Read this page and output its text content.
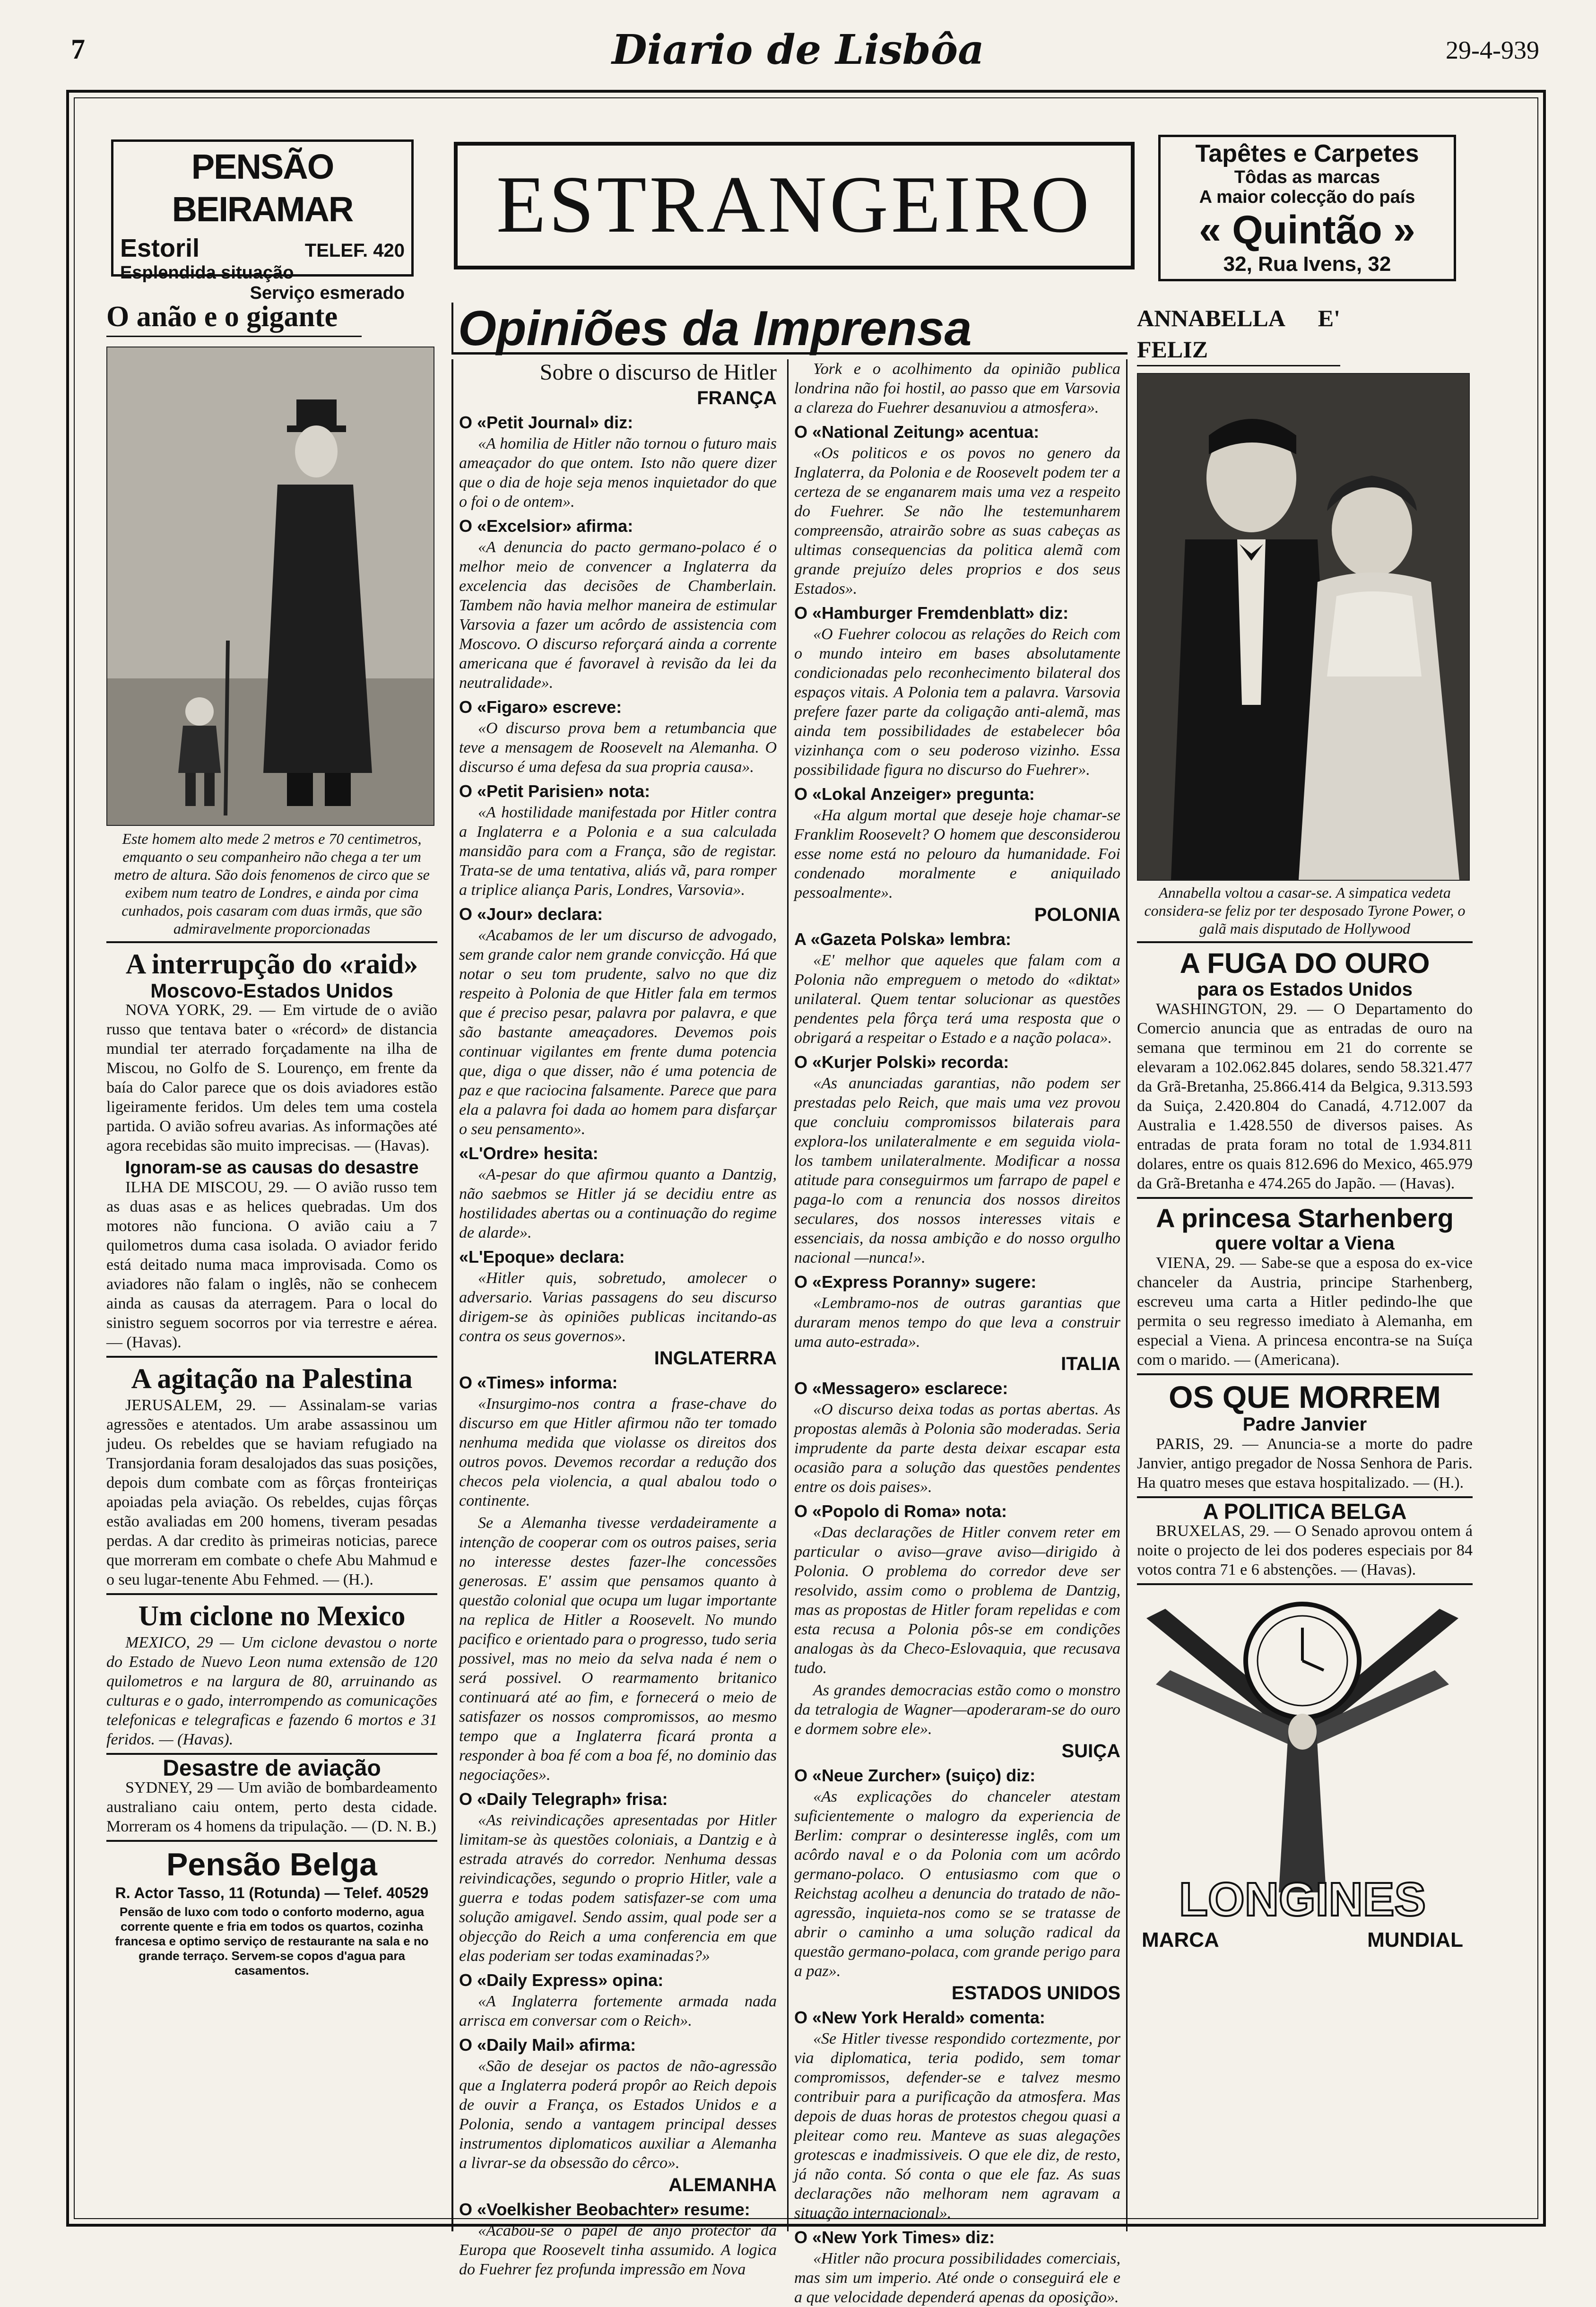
7	Diario de Lisbôa	29-4-939
PENSÃO BEIRAMAR
Estoril	TELEF. 420
Esplendida situação
Serviço esmerado
ESTRANGEIRO
Tapêtes e Carpetes
Tôdas as marcas
A maior colecção do país
« Quintão »
32, Rua Ivens, 32
O anão e o gigante
Este homem alto mede 2 metros e 70 centimetros, emquanto o seu companheiro não chega a ter um metro de altura. São dois fenomenos de circo que se exibem num teatro de Londres, e ainda por cima cunhados, pois casaram com duas irmãs, que são admiravelmente proporcionadas
A interrupção do «raid»
Moscovo-Estados Unidos

NOVA YORK, 29. — Em virtude de o avião russo que tentava bater o «récord» de distancia mundial ter aterrado forçadamente na ilha de Miscou, no Golfo de S. Lourenço, em frente da baía do Calor parece que os dois aviadores estão ligeiramente feridos. Um deles tem uma costela partida. O avião sofreu avarias. As informações até agora recebidas são muito imprecisas. — (Havas).

Ignoram-se as causas do desastre

ILHA DE MISCOU, 29. — O avião russo tem as duas asas e as helices quebradas. Um dos motores não funciona. O avião caiu a 7 quilometros duma casa isolada. O aviador ferido está deitado numa maca improvisada. Como os aviadores não falam o inglês, não se conhecem ainda as causas da aterragem. Para o local do sinistro seguem socorros por via terrestre e aérea. — (Havas).

A agitação na Palestina

JERUSALEM, 29. — Assinalam-se varias agressões e atentados. Um arabe assassinou um judeu. Os rebeldes que se haviam refugiado na Transjordania foram desalojados das suas posições, depois dum combate com as fôrças fronteiriças apoiadas pela aviação. Os rebeldes, cujas fôrças estão avaliadas em 200 homens, tiveram pesadas perdas. A dar credito às primeiras noticias, parece que morreram em combate o chefe Abu Mahmud e o seu lugar-tenente Abu Fehmed. — (H.).

Um ciclone no Mexico

MEXICO, 29 — Um ciclone devastou o norte do Estado de Nuevo Leon numa extensão de 120 quilometros e na largura de 80, arruinando as culturas e o gado, interrompendo as comunicações telefonicas e telegraficas e fazendo 6 mortos e 31 feridos. — (Havas).

Desastre de aviação

SYDNEY, 29 — Um avião de bombardeamento australiano caiu ontem, perto desta cidade. Morreram os 4 homens da tripulação. — (D. N. B.)

Pensão Belga
R. Actor Tasso, 11 (Rotunda) — Telef. 40529
Pensão de luxo com todo o conforto moderno, agua corrente quente e fria em todos os quartos, cozinha francesa e optimo serviço de restaurante na sala e no grande terraço. Servem-se copos d'agua para casamentos.
Opiniões da Imprensa
Sobre o discurso de Hitler
FRANÇA
O «Petit Journal» diz:

«A homilia de Hitler não tornou o futuro mais ameaçador do que ontem. Isto não quere dizer que o dia de hoje seja menos inquietador do que o foi o de ontem».

O «Excelsior» afirma:

«A denuncia do pacto germano-polaco é o melhor meio de convencer a Inglaterra da excelencia das decisões de Chamberlain. Tambem não havia melhor maneira de estimular Varsovia a fazer um acôrdo de assistencia com Moscovo. O discurso reforçará ainda a corrente americana que é favoravel à revisão da lei da neutralidade».

O «Figaro» escreve:

«O discurso prova bem a retumbancia que teve a mensagem de Roosevelt na Alemanha. O discurso é uma defesa da sua propria causa».

O «Petit Parisien» nota:

«A hostilidade manifestada por Hitler contra a Inglaterra e a Polonia e a sua calculada mansidão para com a França, são de registar. Trata-se de uma tentativa, aliás vã, para romper a triplice aliança Paris, Londres, Varsovia».

O «Jour» declara:

«Acabamos de ler um discurso de advogado, sem grande calor nem grande convicção. Há que notar o seu tom prudente, salvo no que diz respeito à Polonia de que Hitler fala em termos que é preciso pesar, palavra por palavra, e que são bastante ameaçadores. Devemos pois continuar vigilantes em frente duma potencia que, diga o que disser, não é uma potencia de paz e que raciocina falsamente. Parece que para ela a palavra foi dada ao homem para disfarçar o seu pensamento».

«L'Ordre» hesita:

«A-pesar do que afirmou quanto a Dantzig, não saebmos se Hitler já se decidiu entre as hostilidades abertas ou a continuação do regime de alarde».

«L'Epoque» declara:

«Hitler quis, sobretudo, amolecer o adversario. Varias passagens do seu discurso dirigem-se às opiniões publicas incitando-as contra os seus governos».

INGLATERRA
O «Times» informa:

«Insurgimo-nos contra a frase-chave do discurso em que Hitler afirmou não ter tomado nenhuma medida que violasse os direitos dos outros povos. Devemos recordar a redução dos checos pela violencia, a qual abalou todo o continente.

Se a Alemanha tivesse verdadeiramente a intenção de cooperar com os outros paises, seria no interesse destes fazer-lhe concessões generosas. E' assim que pensamos quanto à questão colonial que ocupa um lugar importante na replica de Hitler a Roosevelt. No mundo pacifico e orientado para o progresso, tudo seria possivel, mas no meio da selva nada é nem o será possivel. O rearmamento britanico continuará até ao fim, e fornecerá o meio de satisfazer os nossos compromissos, ao mesmo tempo que a Inglaterra ficará pronta a responder à boa fé com a boa fé, no dominio das negociações».

O «Daily Telegraph» frisa:

«As reivindicações apresentadas por Hitler limitam-se às questões coloniais, a Dantzig e à estrada através do corredor. Nenhuma dessas reivindicações, segundo o proprio Hitler, vale a guerra e todas podem satisfazer-se com uma solução amigavel. Sendo assim, qual pode ser a objecção do Reich a uma conferencia em que elas poderiam ser todas examinadas?»

O «Daily Express» opina:

«A Inglaterra fortemente armada nada arrisca em conversar com o Reich».

O «Daily Mail» afirma:

«São de desejar os pactos de não-agressão que a Inglaterra poderá propôr ao Reich depois de ouvir a França, os Estados Unidos e a Polonia, sendo a vantagem principal desses instrumentos diplomaticos auxiliar a Alemanha a livrar-se da obsessão do cêrco».

ALEMANHA
O «Voelkisher Beobachter» resume:

«Acabou-se o papel de anjo protector da Europa que Roosevelt tinha assumido. A logica do Fuehrer fez profunda impressão em Nova

York e o acolhimento da opinião publica londrina não foi hostil, ao passo que em Varsovia a clareza do Fuehrer desanuviou a atmosfera».

O «National Zeitung» acentua:

«Os politicos e os povos no genero da Inglaterra, da Polonia e de Roosevelt podem ter a certeza de se enganarem mais uma vez a respeito do Fuehrer. Se não lhe testemunharem compreensão, atrairão sobre as suas cabeças as ultimas consequencias da politica alemã com grande prejuízo deles proprios e dos seus Estados».

O «Hamburger Fremdenblatt» diz:

«O Fuehrer colocou as relações do Reich com o mundo inteiro em bases absolutamente condicionadas pelo reconhecimento bilateral dos espaços vitais. A Polonia tem a palavra. Varsovia prefere fazer parte da coligação anti-alemã, mas ainda tem possibilidades de estabelecer bôa vizinhança com o seu poderoso vizinho. Essa possibilidade figura no discurso do Fuehrer».

O «Lokal Anzeiger» pregunta:

«Ha algum mortal que deseje hoje chamar-se Franklim Roosevelt? O homem que desconsiderou esse nome está no pelouro da humanidade. Foi condenado moralmente e aniquilado pessoalmente».

POLONIA
A «Gazeta Polska» lembra:

«E' melhor que aqueles que falam com a Polonia não empreguem o metodo do «diktat» unilateral. Quem tentar solucionar as questões pendentes pela fôrça terá uma resposta que o obrigará a respeitar o Estado e a nação polaca».

O «Kurjer Polski» recorda:

«As anunciadas garantias, não podem ser prestadas pelo Reich, que mais uma vez provou que concluiu compromissos bilaterais para explora-los unilateralmente e em seguida viola-los tambem unilateralmente. Modificar a nossa atitude para conseguirmos um farrapo de papel e paga-lo com a renuncia dos nossos direitos seculares, dos nossos interesses vitais e essenciais, da nossa ambição e do nosso orgulho nacional —nunca!».

O «Express Poranny» sugere:

«Lembramo-nos de outras garantias que duraram menos tempo do que leva a construir uma auto-estrada».

ITALIA
O «Messagero» esclarece:

«O discurso deixa todas as portas abertas. As propostas alemãs à Polonia são moderadas. Seria imprudente da parte desta deixar escapar esta ocasião para a solução das questões pendentes entre os dois paises».

O «Popolo di Roma» nota:

«Das declarações de Hitler convem reter em particular o aviso—grave aviso—dirigido à Polonia. O problema do corredor deve ser resolvido, assim como o problema de Dantzig, mas as propostas de Hitler foram repelidas e com esta recusa a Polonia pôs-se em condições analogas às da Checo-Eslovaquia, que recusava tudo.

As grandes democracias estão como o monstro da tetralogia de Wagner—apoderaram-se do ouro e dormem sobre ele».

SUIÇA
O «Neue Zurcher» (suiço) diz:

«As explicações do chanceler atestam suficientemente o malogro da experiencia de Berlim: comprar o desinteresse inglês, com um acôrdo naval e o da Polonia com um acôrdo germano-polaco. O entusiasmo com que o Reichstag acolheu a denuncia do tratado de não-agressão, inquieta-nos como se se tratasse de abrir o caminho a uma solução radical da questão germano-polaca, com grande perigo para a paz».

ESTADOS UNIDOS
O «New York Herald» comenta:

«Se Hitler tivesse respondido cortezmente, por via diplomatica, teria podido, sem tomar compromissos, defender-se e talvez mesmo contribuir para a purificação da atmosfera. Mas depois de duas horas de protestos chegou quasi a pleitear como reu. Manteve as suas alegações grotescas e inadmissiveis. O que ele diz, de resto, já não conta. Só conta o que ele faz. As suas declarações não melhoram nem agravam a situação internacional».

O «New York Times» diz:

«Hitler não procura possibilidades comerciais, mas sim um imperio. Até onde o conseguirá ele e a que velocidade dependerá apenas da oposição».

ANNABELLA E' FELIZ
Annabella voltou a casar-se. A simpatica vedeta considera-se feliz por ter desposado Tyrone Power, o galã mais disputado de Hollywood
A FUGA DO OURO
para os Estados Unidos

WASHINGTON, 29. — O Departamento do Comercio anuncia que as entradas de ouro na semana que terminou em 21 do corrente se elevaram a 102.062.845 dolares, sendo 58.321.477 da Grã-Bretanha, 25.866.414 da Belgica, 9.313.593 da Suiça, 2.420.804 do Canadá, 4.712.007 da Australia e 1.428.550 de diversos paises. As entradas de prata foram no total de 1.934.811 dolares, entre os quais 812.696 do Mexico, 465.979 da Grã-Bretanha e 474.265 do Japão. — (Havas).

A princesa Starhenberg
quere voltar a Viena

VIENA, 29. — Sabe-se que a esposa do ex-vice chanceler da Austria, principe Starhenberg, escreveu uma carta a Hitler pedindo-lhe que permita o seu regresso imediato à Alemanha, em especial a Viena. A princesa encontra-se na Suíça com o marido. — (Americana).

OS QUE MORREM
Padre Janvier

PARIS, 29. — Anuncia-se a morte do padre Janvier, antigo pregador de Nossa Senhora de Paris. Ha quatro meses que estava hospitalizado. — (H.).

A POLITICA BELGA

BRUXELAS, 29. — O Senado aprovou ontem á noite o projecto de lei dos poderes especiais por 84 votos contra 71 e 6 abstenções. — (Havas).

LONGINES
MARCA	MUNDIAL
